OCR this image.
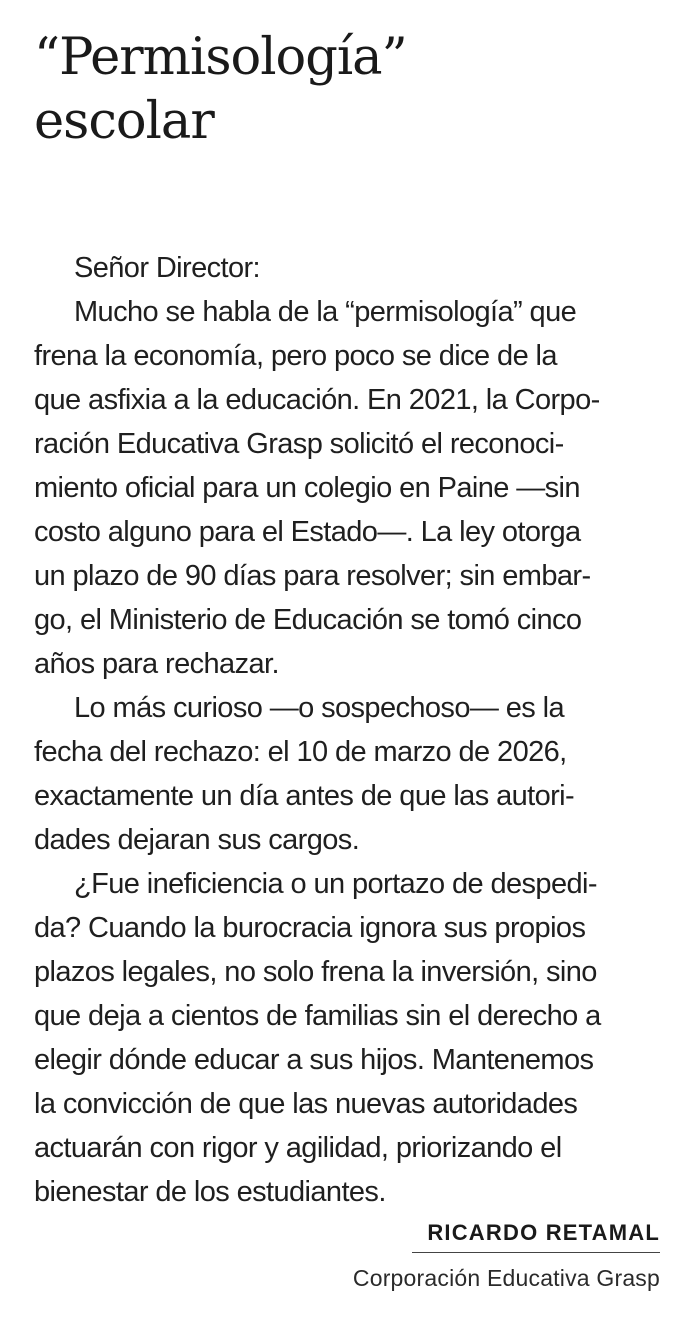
“Permisología”
escolar
Señor Director:
Mucho se habla de la “permisología” que
frena la economía, pero poco se dice de la
que asfixia a la educación. En 2021, la Corpo-
ración Educativa Grasp solicitó el reconoci-
miento oficial para un colegio en Paine —sin
costo alguno para el Estado—. La ley otorga
un plazo de 90 días para resolver; sin embar-
go, el Ministerio de Educación se tomó cinco
años para rechazar.
Lo más curioso —o sospechoso— es la
fecha del rechazo: el 10 de marzo de 2026,
exactamente un día antes de que las autori-
dades dejaran sus cargos.
¿Fue ineficiencia o un portazo de despedi-
da? Cuando la burocracia ignora sus propios
plazos legales, no solo frena la inversión, sino
que deja a cientos de familias sin el derecho a
elegir dónde educar a sus hijos. Mantenemos
la convicción de que las nuevas autoridades
actuarán con rigor y agilidad, priorizando el
bienestar de los estudiantes.
RICARDO RETAMAL
Corporación Educativa Grasp
